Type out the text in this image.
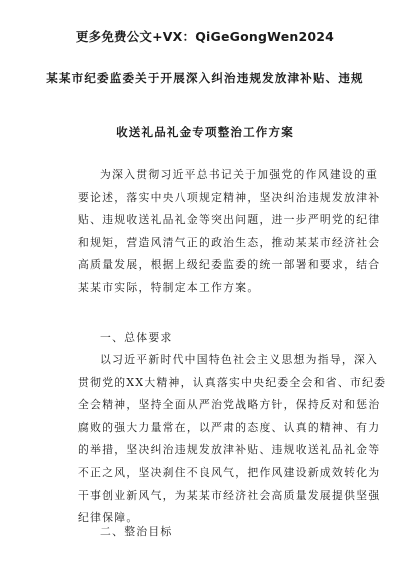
更多免费公文+VX：QiGeGongWen2024
某某市纪委监委关于开展深入纠治违规发放津补贴、违规
收送礼品礼金专项整治工作方案
为深入贯彻习近平总书记关于加强党的作风建设的重
要论述，落实中央八项规定精神，坚决纠治违规发放津补
贴、违规收送礼品礼金等突出问题，进一步严明党的纪律
和规矩，营造风清气正的政治生态，推动某某市经济社会
高质量发展，根据上级纪委监委的统一部署和要求，结合
某某市实际，特制定本工作方案。
一、总体要求
以习近平新时代中国特色社会主义思想为指导，深入
贯彻党的XX大精神，认真落实中央纪委全会和省、市纪委
全会精神，坚持全面从严治党战略方针，保持反对和惩治
腐败的强大力量常在，以严肃的态度、认真的精神、有力
的举措，坚决纠治违规发放津补贴、违规收送礼品礼金等
不正之风，坚决刹住不良风气，把作风建设新成效转化为
干事创业新风气，为某某市经济社会高质量发展提供坚强
纪律保障。
二、整治目标
